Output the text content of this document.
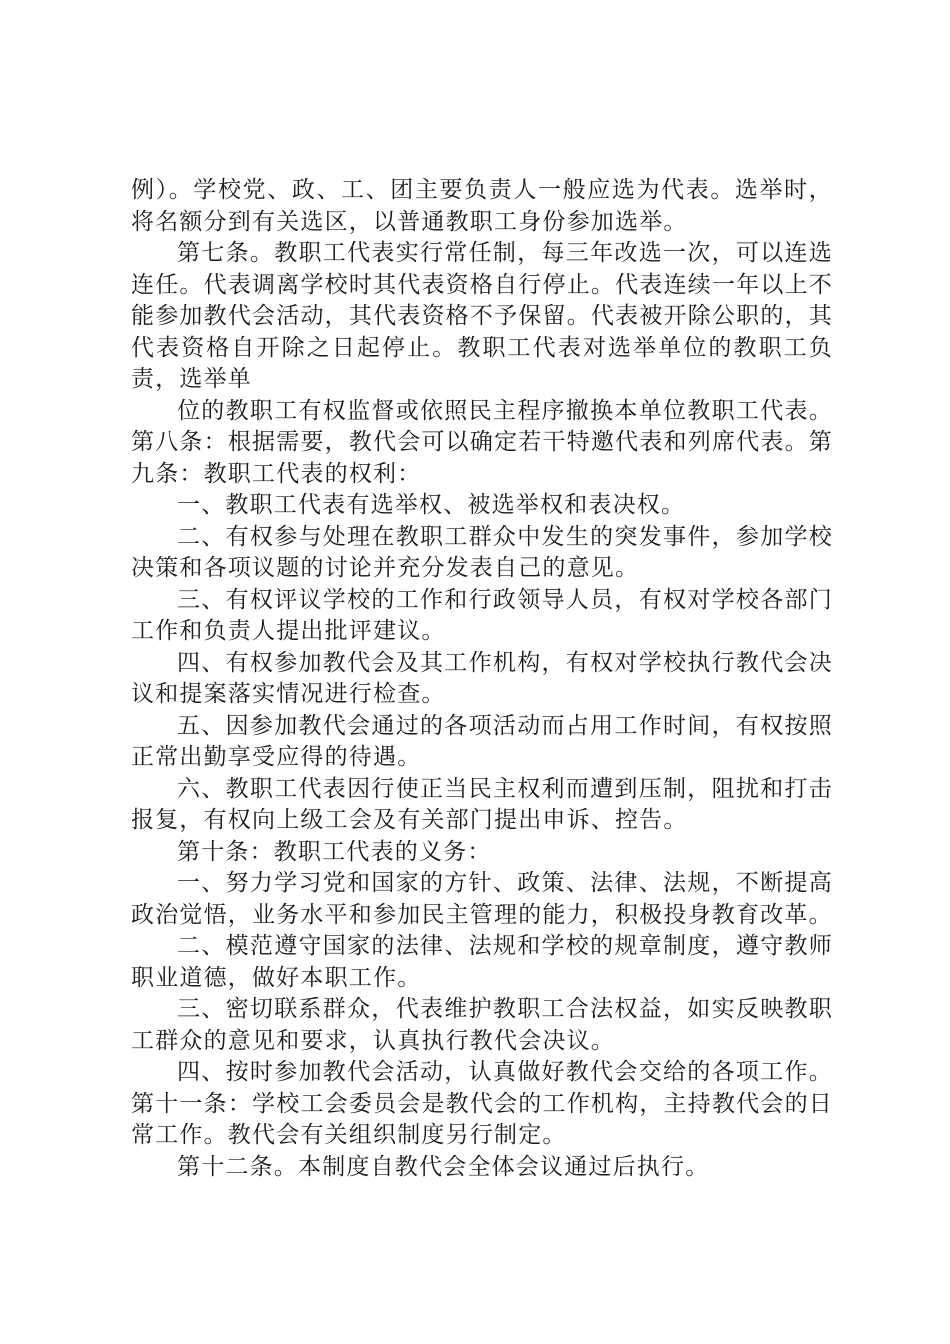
例）。学校党、政、工、团主要负责人一般应选为代表。选举时，将名额分到有关选区，以普通教职工身份参加选举。

第七条。教职工代表实行常任制，每三年改选一次，可以连选连任。代表调离学校时其代表资格自行停止。代表连续一年以上不能参加教代会活动，其代表资格不予保留。代表被开除公职的，其代表资格自开除之日起停止。教职工代表对选举单位的教职工负责，选举单

位的教职工有权监督或依照民主程序撤换本单位教职工代表。第八条：根据需要，教代会可以确定若干特邀代表和列席代表。第九条：教职工代表的权利：

一、教职工代表有选举权、被选举权和表决权。

二、有权参与处理在教职工群众中发生的突发事件，参加学校决策和各项议题的讨论并充分发表自己的意见。

三、有权评议学校的工作和行政领导人员，有权对学校各部门工作和负责人提出批评建议。

四、有权参加教代会及其工作机构，有权对学校执行教代会决议和提案落实情况进行检查。

五、因参加教代会通过的各项活动而占用工作时间，有权按照正常出勤享受应得的待遇。

六、教职工代表因行使正当民主权利而遭到压制，阻扰和打击报复，有权向上级工会及有关部门提出申诉、控告。

第十条：教职工代表的义务：

一、努力学习党和国家的方针、政策、法律、法规，不断提高政治觉悟，业务水平和参加民主管理的能力，积极投身教育改革。

二、模范遵守国家的法律、法规和学校的规章制度，遵守教师职业道德，做好本职工作。

三、密切联系群众，代表维护教职工合法权益，如实反映教职工群众的意见和要求，认真执行教代会决议。

四、按时参加教代会活动，认真做好教代会交给的各项工作。第十一条：学校工会委员会是教代会的工作机构，主持教代会的日常工作。教代会有关组织制度另行制定。

第十二条。本制度自教代会全体会议通过后执行。
